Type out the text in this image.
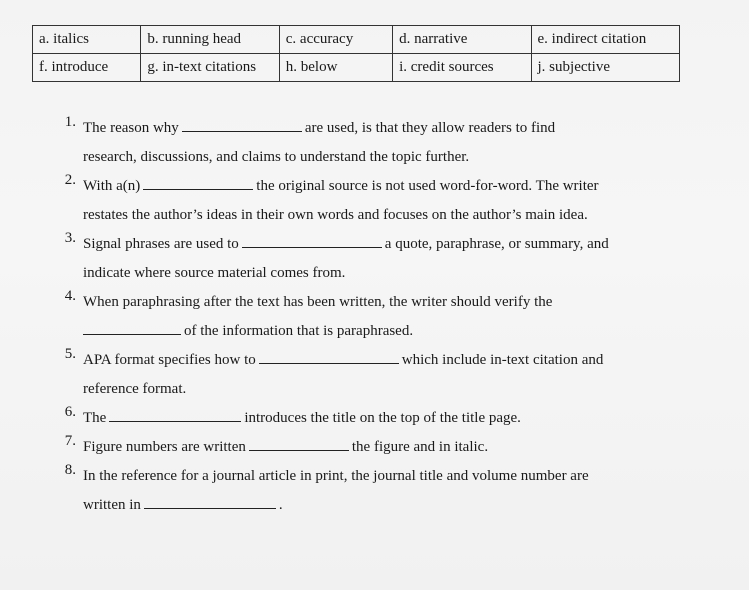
a. italics	b. running head	c. accuracy	d. narrative	e. indirect citation
f. introduce	g. in-text citations	h. below	i. credit sources	j. subjective
1. The reason why	are used, is that they allow readers to find
research, discussions, and claims to understand the topic further.
2. With a(n)	the original source is not used word-for-word. The writer
restates the author’s ideas in their own words and focuses on the author’s main idea.
3. Signal phrases are used to	a quote, paraphrase, or summary, and
indicate where source material comes from.
4. When paraphrasing after the text has been written, the writer should verify the
of the information that is paraphrased.
5. APA format specifies how to	which include in-text citation and
reference format.
6. The	introduces the title on the top of the title page.
7. Figure numbers are written	the figure and in italic.
8. In the reference for a journal article in print, the journal title and volume number are
written in	.
